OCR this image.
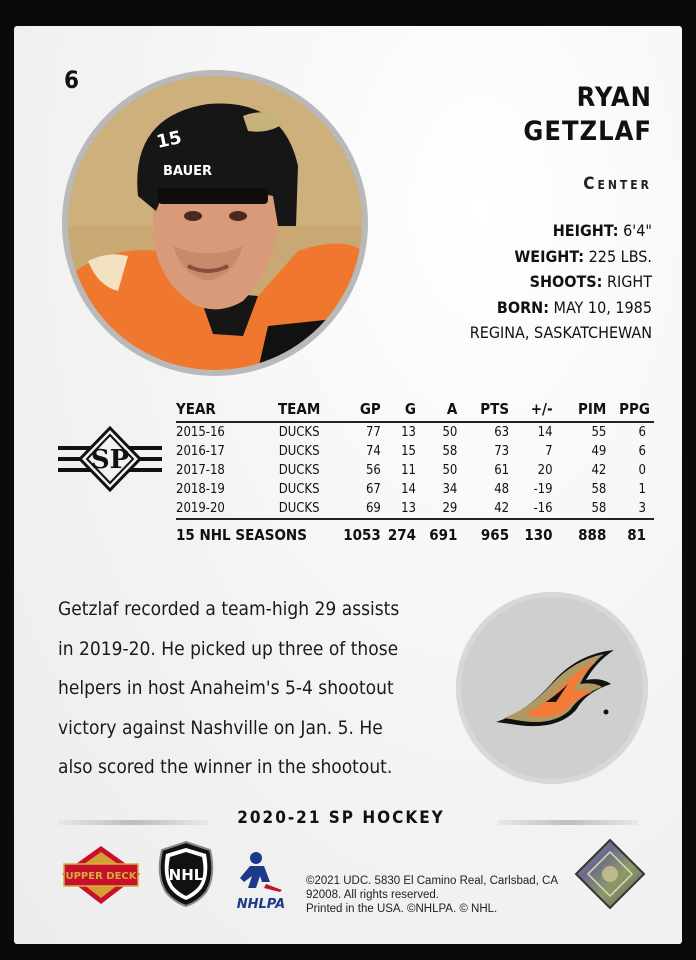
6
BAUER
15
RYAN
GETZLAF
Center
HEIGHT: 6'4"
WEIGHT: 225 LBS.
SHOOTS: RIGHT
BORN: MAY 10, 1985
REGINA, SASKATCHEWAN
SP
YEAR	TEAM	GP	G	A	PTS	+/-	PIM	PPG
2015-16	DUCKS	77	13	50	63	14	55	6
2016-17	DUCKS	74	15	58	73	7	49	6
2017-18	DUCKS	56	11	50	61	20	42	0
2018-19	DUCKS	67	14	34	48	-19	58	1
2019-20	DUCKS	69	13	29	42	-16	58	3
15 NHL SEASONS		1053	274	691	965	130	888	81
Getzlaf recorded a team-high 29 assists
in 2019-20. He picked up three of those
helpers in host Anaheim's 5-4 shootout
victory against Nashville on Jan. 5. He
also scored the winner in the shootout.
2020-21 SP HOCKEY
UPPER DECK NHL
NHLPA
©2021 UDC. 5830 El Camino Real, Carlsbad, CA
92008. All rights reserved.
Printed in the USA. ©NHLPA. © NHL.
